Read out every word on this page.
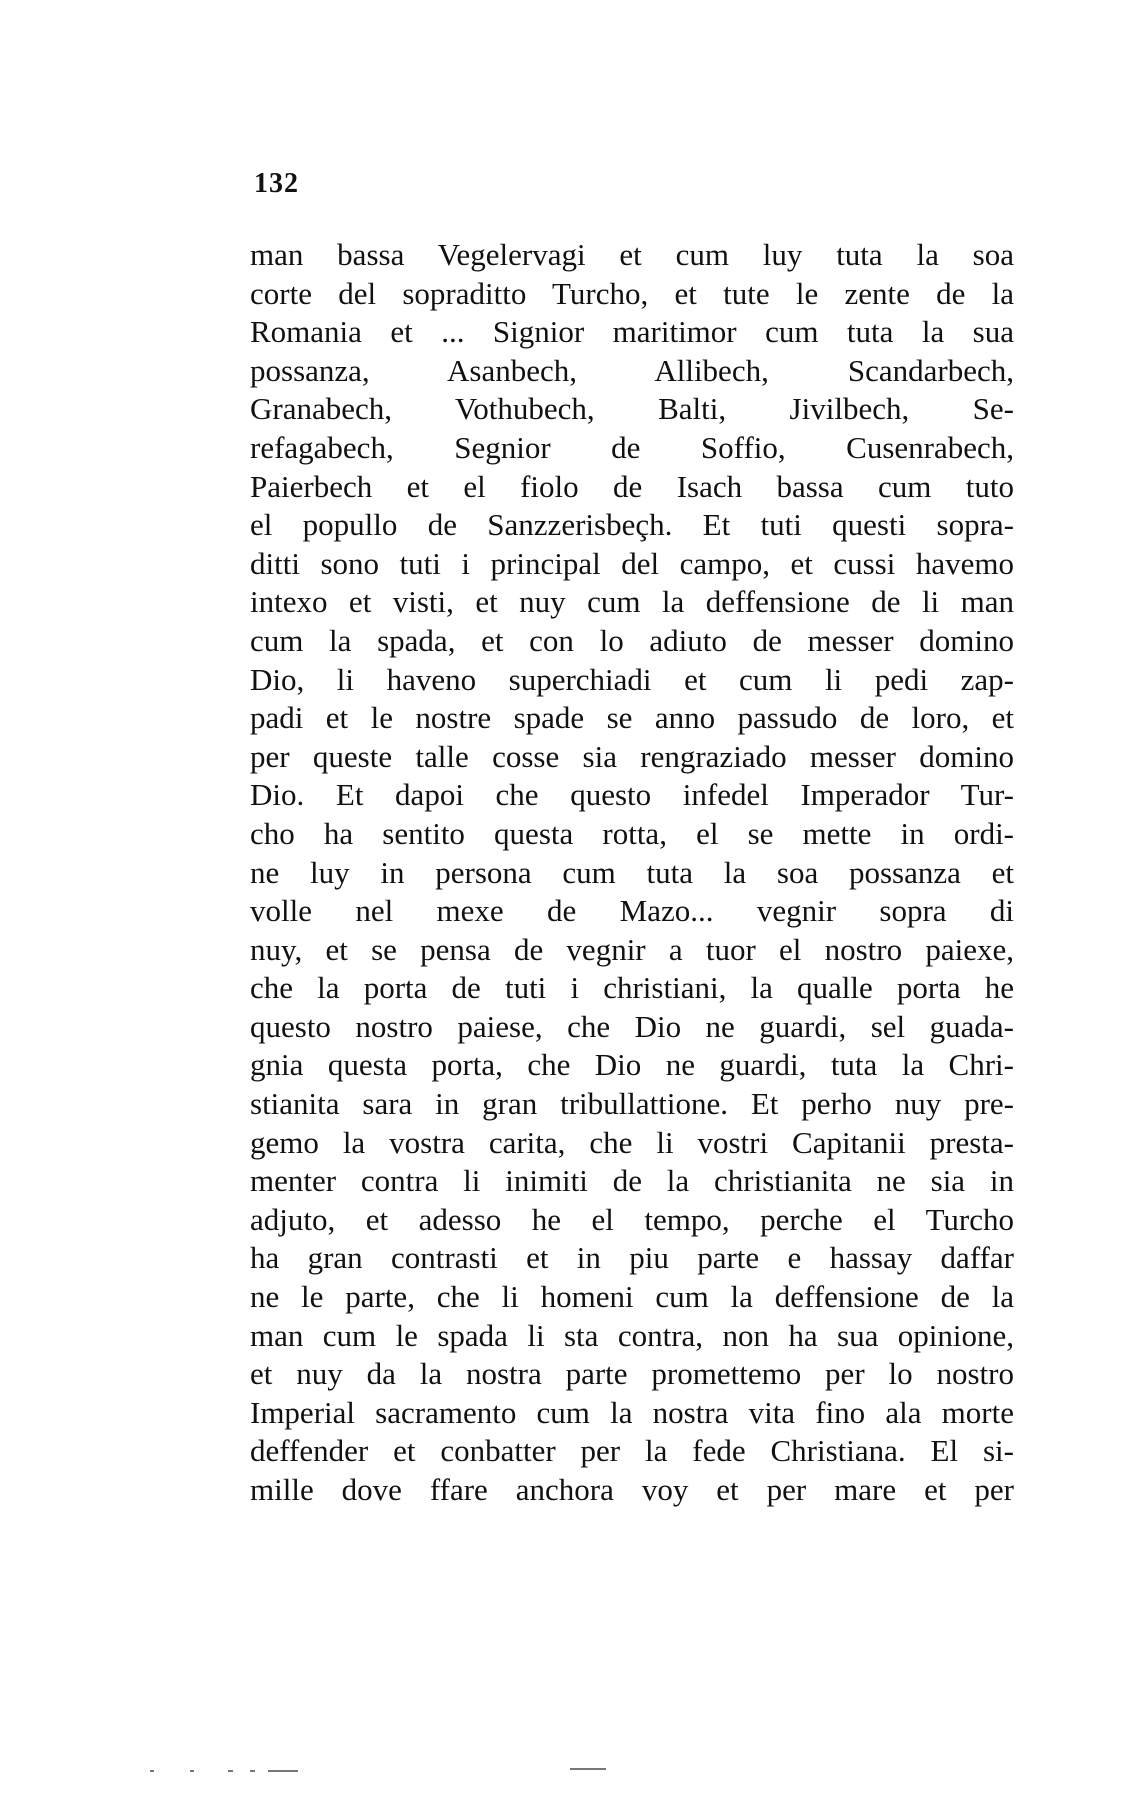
132
man bassa Vegelervagi et cum luy tuta la soa
corte del sopraditto Turcho, et tute le zente de la
Romania et ... Signior maritimor cum tuta la sua
possanza, Asanbech, Allibech, Scandarbech,
Granabech, Vothubech, Balti, Jivilbech, Se-
refagabech, Segnior de Soffio, Cusenrabech,
Paierbech et el fiolo de Isach bassa cum tuto
el popullo de Sanzzerisbeçh. Et tuti questi sopra-
ditti sono tuti i principal del campo, et cussi havemo
intexo et visti, et nuy cum la deffensione de li man
cum la spada, et con lo adiuto de messer domino
Dio, li haveno superchiadi et cum li pedi zap-
padi et le nostre spade se anno passudo de loro, et
per queste talle cosse sia rengraziado messer domino
Dio. Et dapoi che questo infedel Imperador Tur-
cho ha sentito questa rotta, el se mette in ordi-
ne luy in persona cum tuta la soa possanza et
volle nel mexe de Mazo... vegnir sopra di
nuy, et se pensa de vegnir a tuor el nostro paiexe,
che la porta de tuti i christiani, la qualle porta he
questo nostro paiese, che Dio ne guardi, sel guada-
gnia questa porta, che Dio ne guardi, tuta la Chri-
stianita sara in gran tribullattione. Et perho nuy pre-
gemo la vostra carita, che li vostri Capitanii presta-
menter contra li inimiti de la christianita ne sia in
adjuto, et adesso he el tempo, perche el Turcho
ha gran contrasti et in piu parte e hassay daffar
ne le parte, che li homeni cum la deffensione de la
man cum le spada li sta contra, non ha sua opinione,
et nuy da la nostra parte promettemo per lo nostro
Imperial sacramento cum la nostra vita fino ala morte
deffender et conbatter per la fede Christiana. El si-
mille dove ffare anchora voy et per mare et per
